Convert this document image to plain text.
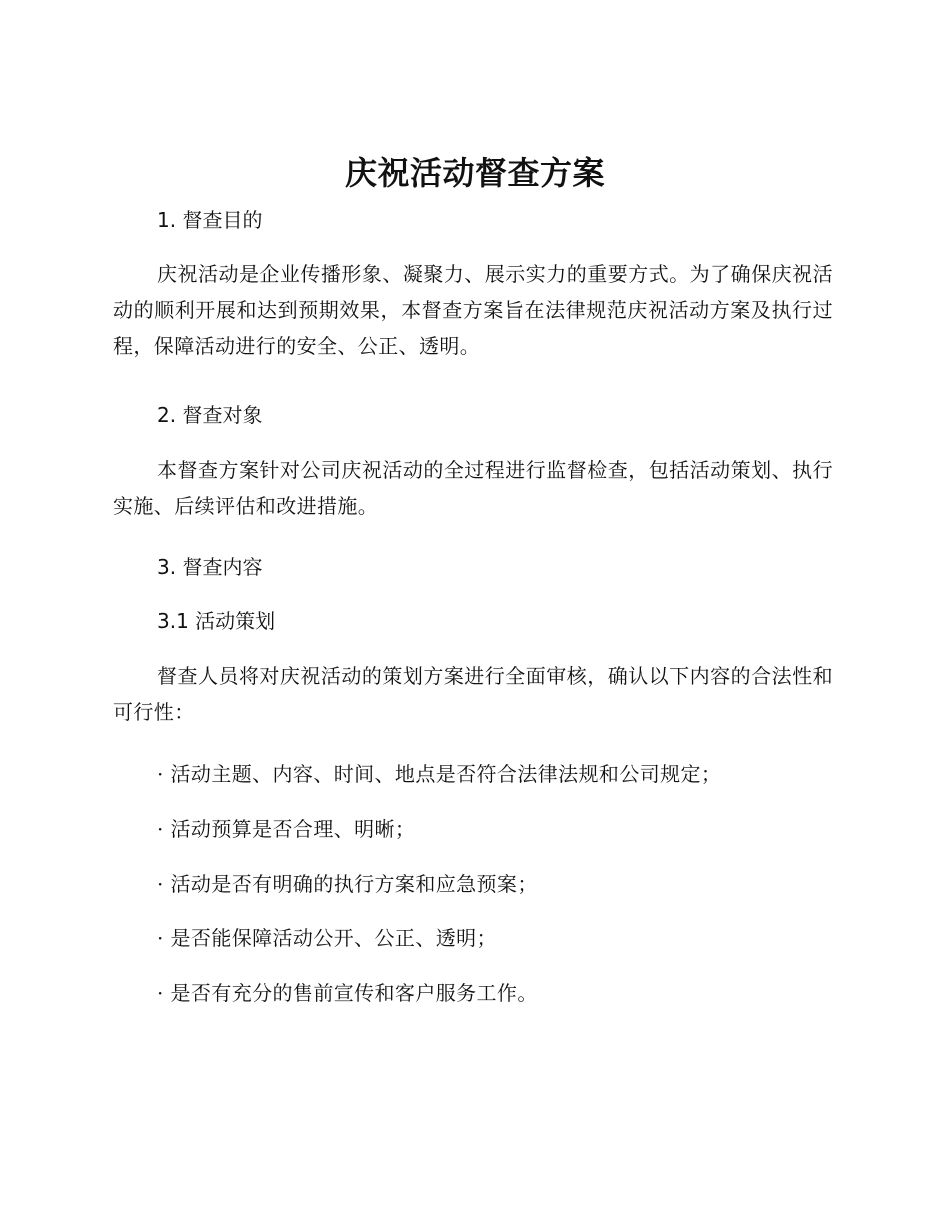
庆祝活动督查方案
1. 督查目的
庆祝活动是企业传播形象、凝聚力、展示实力的重要方式。为了确保庆祝活动的顺利开展和达到预期效果，本督查方案旨在法律规范庆祝活动方案及执行过程，保障活动进行的安全、公正、透明。
2. 督查对象
本督查方案针对公司庆祝活动的全过程进行监督检查，包括活动策划、执行实施、后续评估和改进措施。
3. 督查内容
3.1 活动策划
督查人员将对庆祝活动的策划方案进行全面审核，确认以下内容的合法性和可行性：
· 活动主题、内容、时间、地点是否符合法律法规和公司规定；
· 活动预算是否合理、明晰；
· 活动是否有明确的执行方案和应急预案；
· 是否能保障活动公开、公正、透明；
· 是否有充分的售前宣传和客户服务工作。
